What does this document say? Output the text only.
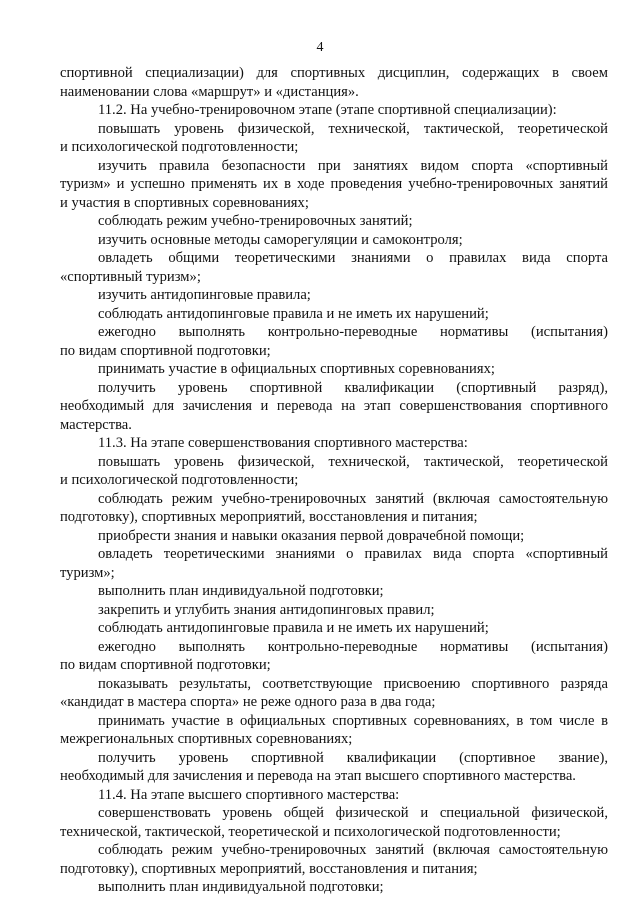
4
спортивной специализации) для спортивных дисциплин, содержащих в своем
наименовании слова «маршрут» и «дистанция».
11.2. На учебно-тренировочном этапе (этапе спортивной специализации):
повышать уровень физической, технической, тактической, теоретической
и психологической подготовленности;
изучить правила безопасности при занятиях видом спорта «спортивный
туризм» и успешно применять их в ходе проведения учебно-тренировочных занятий
и участия в спортивных соревнованиях;
соблюдать режим учебно-тренировочных занятий;
изучить основные методы саморегуляции и самоконтроля;
овладеть общими теоретическими знаниями о правилах вида спорта
«спортивный туризм»;
изучить антидопинговые правила;
соблюдать антидопинговые правила и не иметь их нарушений;
ежегодно выполнять контрольно-переводные нормативы (испытания)
по видам спортивной подготовки;
принимать участие в официальных спортивных соревнованиях;
получить уровень спортивной квалификации (спортивный разряд),
необходимый для зачисления и перевода на этап совершенствования спортивного
мастерства.
11.3. На этапе совершенствования спортивного мастерства:
повышать уровень физической, технической, тактической, теоретической
и психологической подготовленности;
соблюдать режим учебно-тренировочных занятий (включая самостоятельную
подготовку), спортивных мероприятий, восстановления и питания;
приобрести знания и навыки оказания первой доврачебной помощи;
овладеть теоретическими знаниями о правилах вида спорта «спортивный
туризм»;
выполнить план индивидуальной подготовки;
закрепить и углубить знания антидопинговых правил;
соблюдать антидопинговые правила и не иметь их нарушений;
ежегодно выполнять контрольно-переводные нормативы (испытания)
по видам спортивной подготовки;
показывать результаты, соответствующие присвоению спортивного разряда
«кандидат в мастера спорта» не реже одного раза в два года;
принимать участие в официальных спортивных соревнованиях, в том числе в
межрегиональных спортивных соревнованиях;
получить уровень спортивной квалификации (спортивное звание),
необходимый для зачисления и перевода на этап высшего спортивного мастерства.
11.4. На этапе высшего спортивного мастерства:
совершенствовать уровень общей физической и специальной физической,
технической, тактической, теоретической и психологической подготовленности;
соблюдать режим учебно-тренировочных занятий (включая самостоятельную
подготовку), спортивных мероприятий, восстановления и питания;
выполнить план индивидуальной подготовки;
